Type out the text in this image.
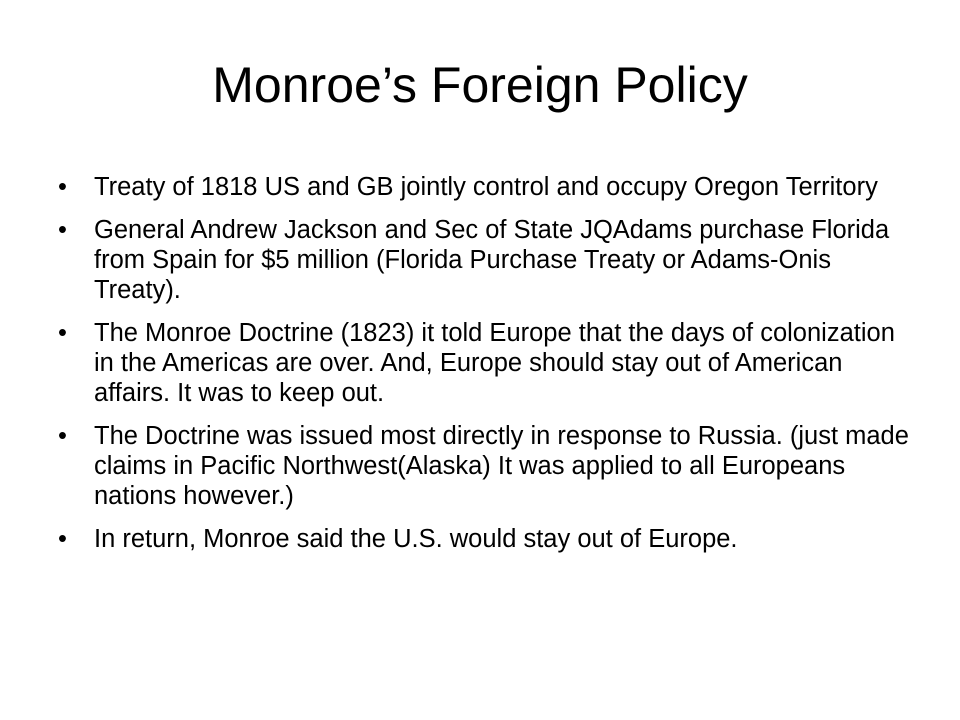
Monroe’s Foreign Policy
•	Treaty of 1818 US and GB jointly control and occupy Oregon Territory
•	General Andrew Jackson and Sec of State JQAdams purchase Florida from Spain for $5 million (Florida Purchase Treaty or Adams-Onis Treaty).
•	The Monroe Doctrine (1823) it told Europe that the days of colonization in the Americas are over. And, Europe should stay out of American affairs. It was to keep out.
•	The Doctrine was issued most directly in response to Russia. (just made claims in Pacific Northwest(Alaska) It was applied to all Europeans nations however.)
•	In return, Monroe said the U.S. would stay out of Europe.
